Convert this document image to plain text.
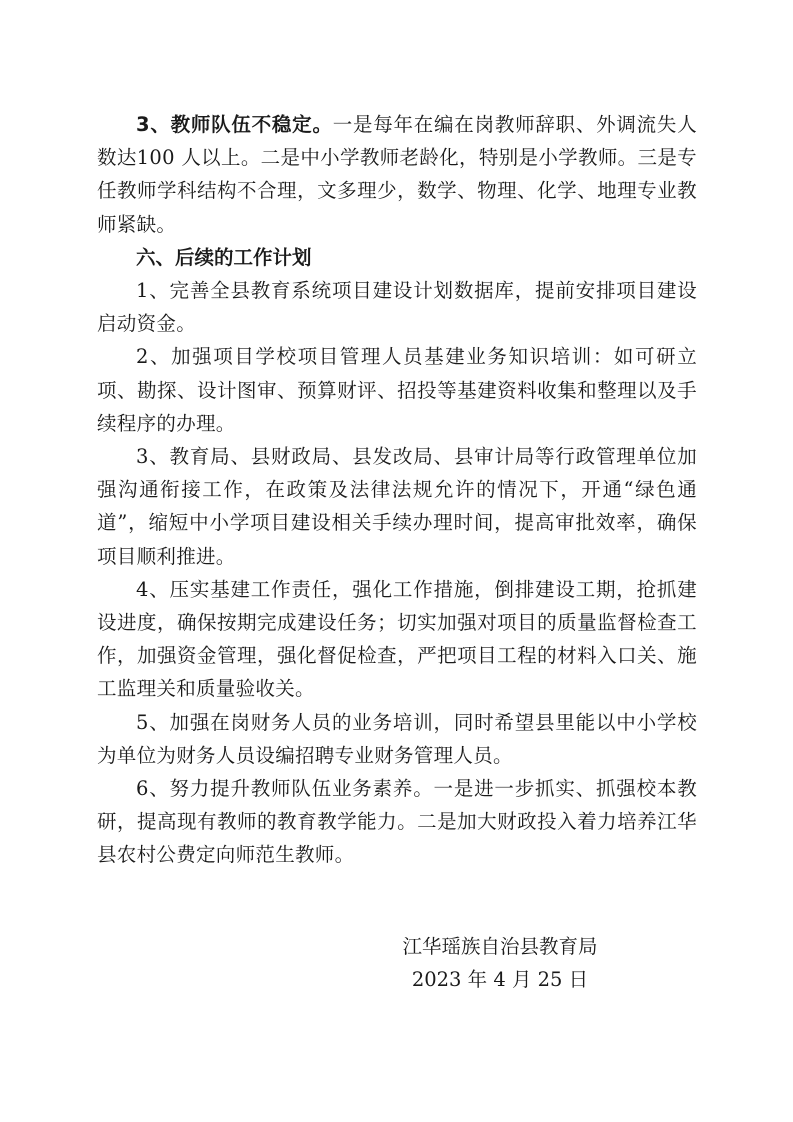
3、教师队伍不稳定。一是每年在编在岗教师辞职、外调流失人数达100 人以上。二是中小学教师老龄化，特别是小学教师。三是专任教师学科结构不合理，文多理少，数学、物理、化学、地理专业教师紧缺。

六、后续的工作计划

1、完善全县教育系统项目建设计划数据库，提前安排项目建设启动资金。

2、加强项目学校项目管理人员基建业务知识培训：如可研立项、勘探、设计图审、预算财评、招投等基建资料收集和整理以及手续程序的办理。

3、教育局、县财政局、县发改局、县审计局等行政管理单位加强沟通衔接工作，在政策及法律法规允许的情况下，开通“绿色通道”，缩短中小学项目建设相关手续办理时间，提高审批效率，确保项目顺利推进。

4、压实基建工作责任，强化工作措施，倒排建设工期，抢抓建设进度，确保按期完成建设任务；切实加强对项目的质量监督检查工作，加强资金管理，强化督促检查，严把项目工程的材料入口关、施工监理关和质量验收关。

5、加强在岗财务人员的业务培训，同时希望县里能以中小学校为单位为财务人员设编招聘专业财务管理人员。

6、努力提升教师队伍业务素养。一是进一步抓实、抓强校本教研，提高现有教师的教育教学能力。二是加大财政投入着力培养江华县农村公费定向师范生教师。

江华瑶族自治县教育局
2023 年 4 月 25 日
